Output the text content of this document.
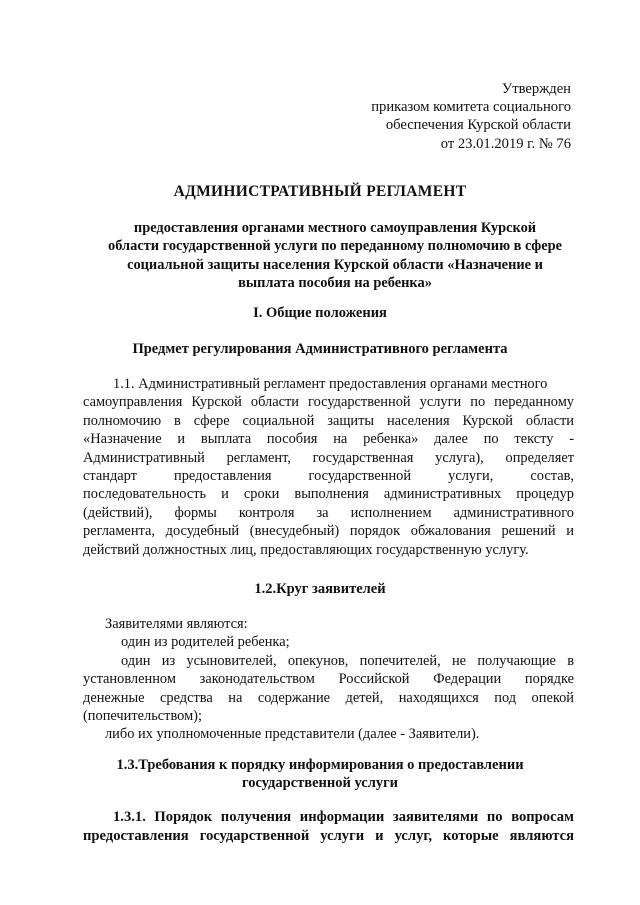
Утвержден
приказом комитета социального
обеспечения Курской области
от 23.01.2019 г. № 76
АДМИНИСТРАТИВНЫЙ РЕГЛАМЕНТ
предоставления органами местного самоуправления Курской
области государственной услуги по переданному полномочию в сфере
социальной защиты населения Курской области «Назначение и
выплата пособия на ребенка»
I. Общие положения
Предмет регулирования Административного регламента
1.1. Административный регламент предоставления органами местного
самоуправления Курской области государственной услуги по переданному
полномочию в сфере социальной защиты населения Курской области
«Назначение и выплата пособия на ребенка» далее по тексту -
Административный регламент, государственная услуга), определяет
стандарт предоставления государственной услуги, состав,
последовательность и сроки выполнения административных процедур
(действий), формы контроля за исполнением административного
регламента, досудебный (внесудебный) порядок обжалования решений и
действий должностных лиц, предоставляющих государственную услугу.
1.2.Круг заявителей
Заявителями являются:
один из родителей ребенка;
один из усыновителей, опекунов, попечителей, не получающие в
установленном законодательством Российской Федерации порядке
денежные средства на содержание детей, находящихся под опекой
(попечительством);
либо их уполномоченные представители (далее - Заявители).
1.3.Требования к порядку информирования о предоставлении
государственной услуги
1.3.1. Порядок получения информации заявителями по вопросам
предоставления государственной услуги и услуг, которые являются
